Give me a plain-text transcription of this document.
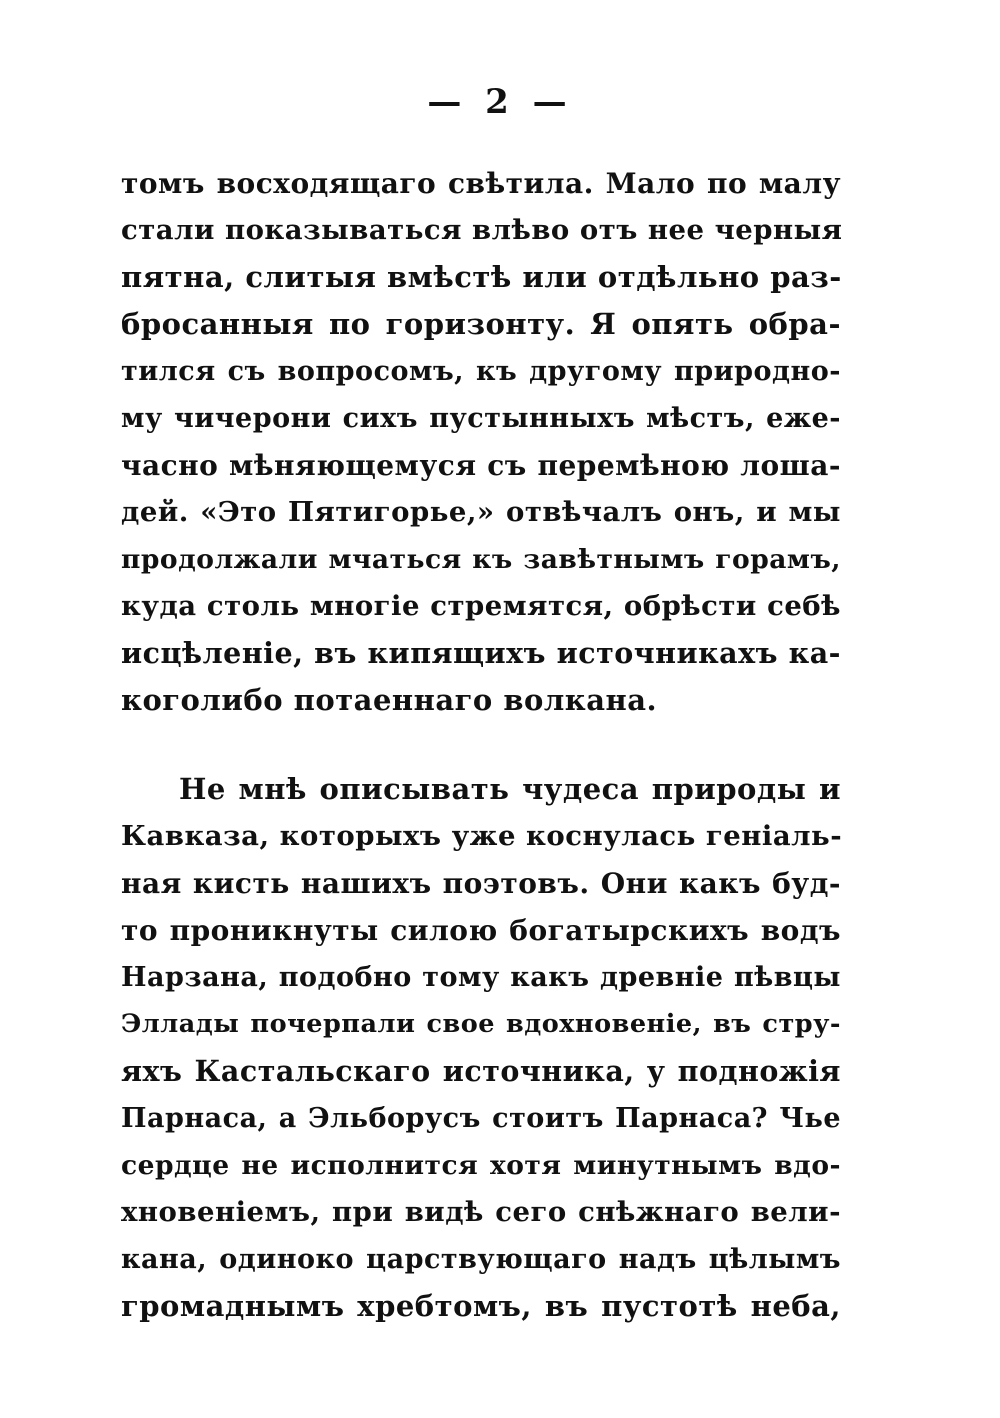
— 2 —
томъ восходящаго свѣтила. Мало по малу
стали показываться влѣво отъ нее черныя
пятна, слитыя вмѣстѣ или отдѣльно раз-
бросанныя по горизонту. Я опять обра-
тился съ вопросомъ, къ другому природно-
му чичерони сихъ пустынныхъ мѣстъ, еже-
часно мѣняющемуся съ перемѣною лошa-
дей. «Это Пятигорье,» отвѣчалъ онъ, и мы
продолжали мчаться къ завѣтнымъ горамъ,
куда столь многіе стремятся, обрѣсти себѣ
исцѣленіе, въ кипящихъ источникахъ ка-
коголибо потаеннаго волкана.
Не мнѣ описывать чудеса природы и
Кавказа, которыхъ уже коснулась геніаль-
ная кисть нашихъ поэтовъ. Они какъ буд-
то проникнуты силою богатырскихъ водъ
Нарзана, подобно тому какъ древніе пѣвцы
Эллады почерпали свое вдохновеніе, въ стру-
яхъ Кастальскаго источника, у подножія
Парнаса, а Эльборусъ стоитъ Парнаса? Чье
сердце не исполнится хотя минутнымъ вдо-
хновеніемъ, при видѣ сего снѣжнаго вели-
кана, одиноко царствующаго надъ цѣлымъ
громаднымъ хребтомъ, въ пустотѣ неба,
